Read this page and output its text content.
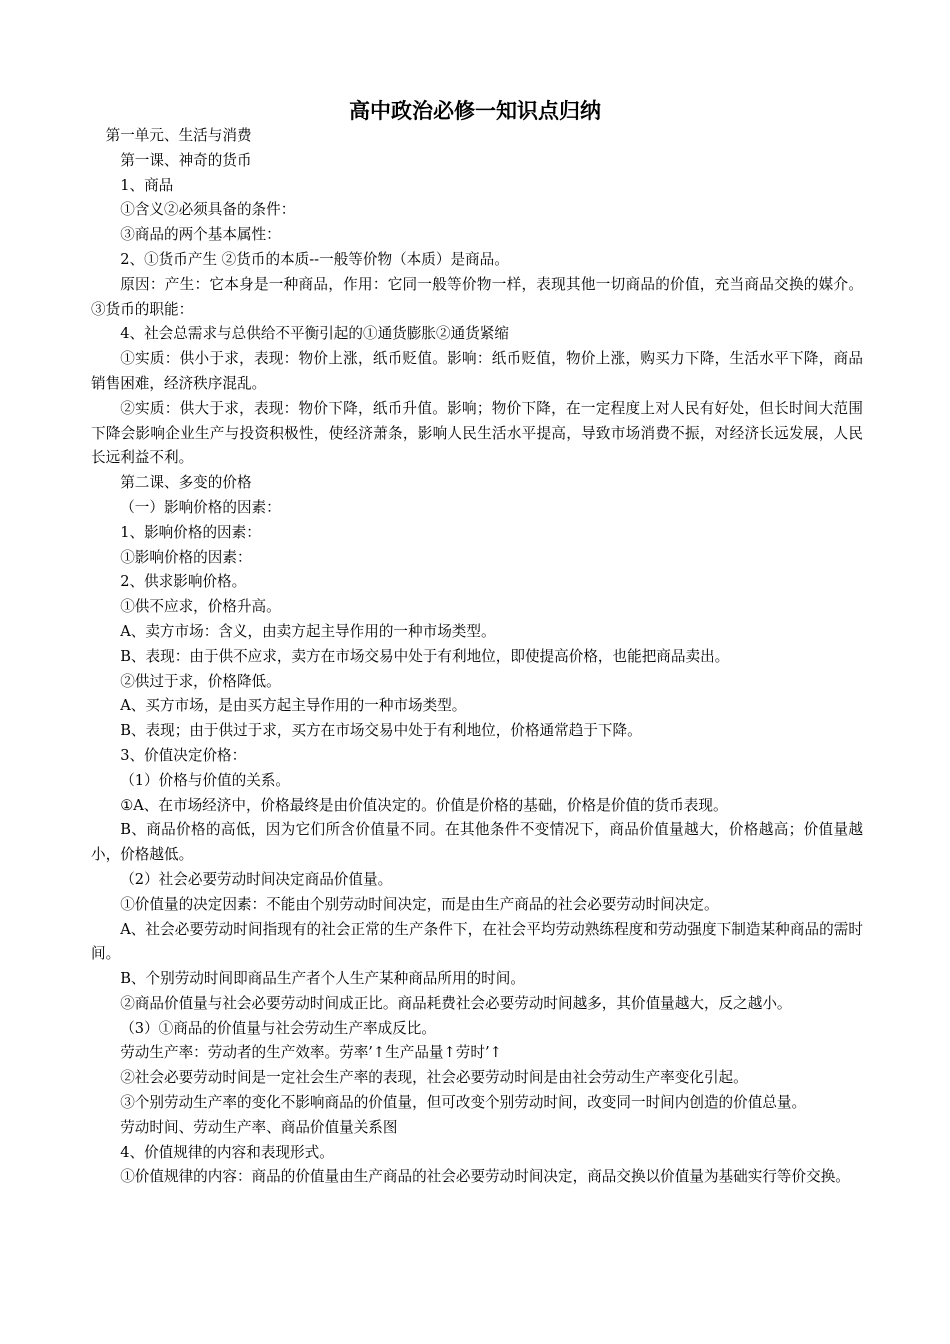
高中政治必修一知识点归纳

第一单元、生活与消费

第一课、神奇的货币

1、商品

①含义②必须具备的条件：

③商品的两个基本属性：

2、①货币产生 ②货币的本质--一般等价物（本质）是商品。

原因：产生：它本身是一种商品，作用：它同一般等价物一样，表现其他一切商品的价值，充当商品交换的媒介。③货币的职能：

4、社会总需求与总供给不平衡引起的①通货膨胀②通货紧缩

①实质：供小于求，表现：物价上涨，纸币贬值。影响：纸币贬值，物价上涨，购买力下降，生活水平下降，商品销售困难，经济秩序混乱。

②实质：供大于求，表现：物价下降，纸币升值。影响；物价下降，在一定程度上对人民有好处，但长时间大范围下降会影响企业生产与投资积极性，使经济萧条，影响人民生活水平提高，导致市场消费不振，对经济长远发展，人民长远利益不利。

第二课、多变的价格

（一）影响价格的因素：

1、影响价格的因素：

①影响价格的因素：

2、供求影响价格。

①供不应求，价格升高。

A、卖方市场：含义，由卖方起主导作用的一种市场类型。

B、表现：由于供不应求，卖方在市场交易中处于有利地位，即使提高价格，也能把商品卖出。

②供过于求，价格降低。

A、买方市场，是由买方起主导作用的一种市场类型。

B、表现；由于供过于求，买方在市场交易中处于有利地位，价格通常趋于下降。

3、价值决定价格：

（1）价格与价值的关系。

①A、在市场经济中，价格最终是由价值决定的。价值是价格的基础，价格是价值的货币表现。

B、商品价格的高低，因为它们所含价值量不同。在其他条件不变情况下，商品价值量越大，价格越高；价值量越小，价格越低。

（2）社会必要劳动时间决定商品价值量。

①价值量的决定因素：不能由个别劳动时间决定，而是由生产商品的社会必要劳动时间决定。

A、社会必要劳动时间指现有的社会正常的生产条件下，在社会平均劳动熟练程度和劳动强度下制造某种商品的需时间。

B、个别劳动时间即商品生产者个人生产某种商品所用的时间。

②商品价值量与社会必要劳动时间成正比。商品耗费社会必要劳动时间越多，其价值量越大，反之越小。

（3）①商品的价值量与社会劳动生产率成反比。

劳动生产率：劳动者的生产效率。劳率’↑生产品量↑劳时’↑

②社会必要劳动时间是一定社会生产率的表现，社会必要劳动时间是由社会劳动生产率变化引起。

③个别劳动生产率的变化不影响商品的价值量，但可改变个别劳动时间，改变同一时间内创造的价值总量。

劳动时间、劳动生产率、商品价值量关系图

4、价值规律的内容和表现形式。

①价值规律的内容：商品的价值量由生产商品的社会必要劳动时间决定，商品交换以价值量为基础实行等价交换。
